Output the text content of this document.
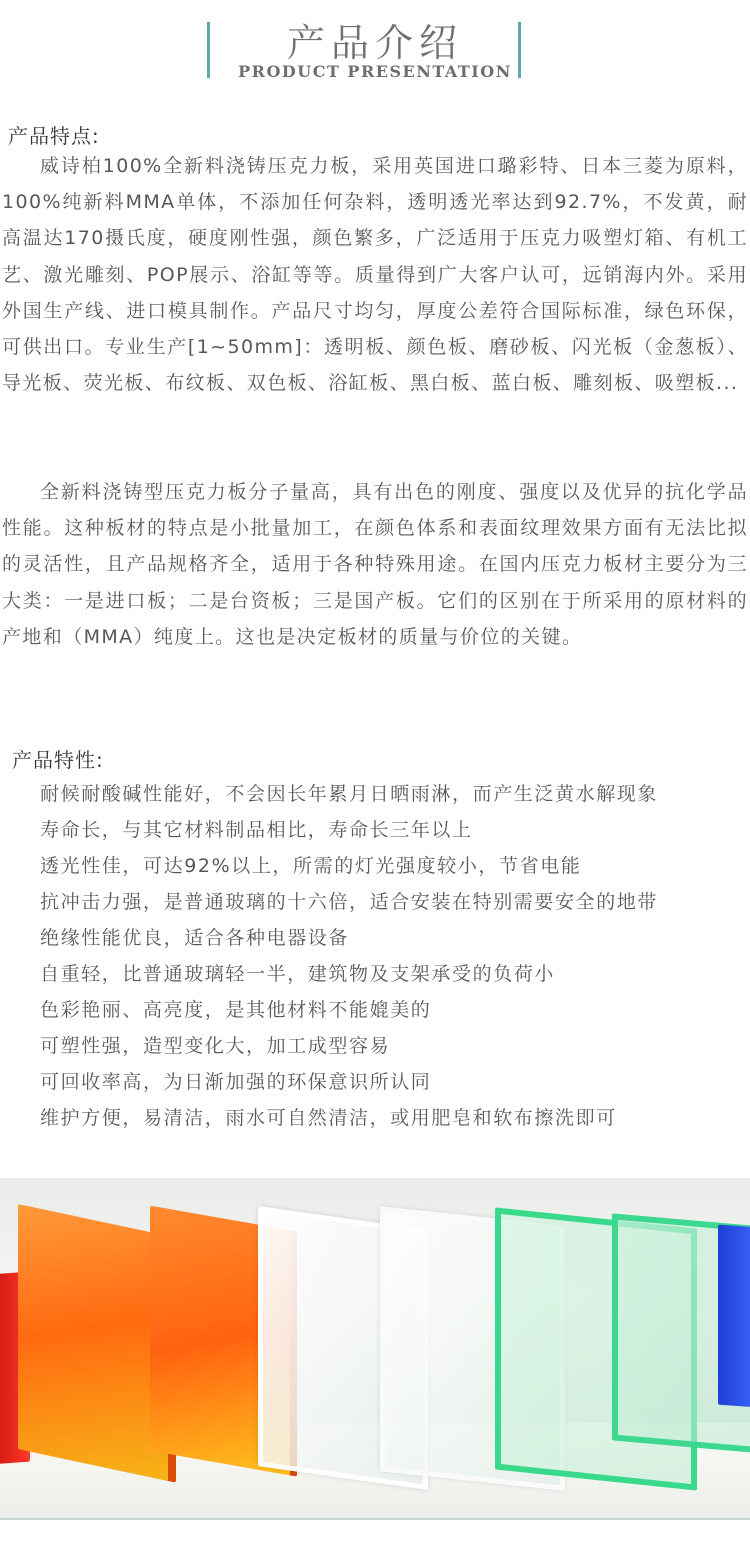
产品介绍
PRODUCT PRESENTATION
产品特点:

威诗柏100%全新料浇铸压克力板，采用英国进口璐彩特、日本三菱为原料，100%纯新料MMA单体，不添加任何杂料，透明透光率达到92.7%，不发黄，耐高温达170摄氏度，硬度刚性强，颜色繁多，广泛适用于压克力吸塑灯箱、有机工艺、激光雕刻、POP展示、浴缸等等。质量得到广大客户认可，远销海内外。采用外国生产线、进口模具制作。产品尺寸均匀，厚度公差符合国际标准，绿色环保，可供出口。专业生产[1~50mm]：透明板、颜色板、磨砂板、闪光板（金葱板）、导光板、荧光板、布纹板、双色板、浴缸板、黑白板、蓝白板、雕刻板、吸塑板...

全新料浇铸型压克力板分子量高，具有出色的刚度、强度以及优异的抗化学品性能。这种板材的特点是小批量加工，在颜色体系和表面纹理效果方面有无法比拟的灵活性，且产品规格齐全，适用于各种特殊用途。在国内压克力板材主要分为三大类：一是进口板；二是台资板；三是国产板。它们的区别在于所采用的原材料的产地和（MMA）纯度上。这也是决定板材的质量与价位的关键。

产品特性:
耐候耐酸碱性能好，不会因长年累月日晒雨淋，而产生泛黄水解现象
寿命长，与其它材料制品相比，寿命长三年以上
透光性佳，可达92%以上，所需的灯光强度较小，节省电能
抗冲击力强，是普通玻璃的十六倍，适合安装在特别需要安全的地带
绝缘性能优良，适合各种电器设备
自重轻，比普通玻璃轻一半，建筑物及支架承受的负荷小
色彩艳丽、高亮度，是其他材料不能媲美的
可塑性强，造型变化大，加工成型容易
可回收率高，为日渐加强的环保意识所认同
维护方便，易清洁，雨水可自然清洁，或用肥皂和软布擦洗即可
